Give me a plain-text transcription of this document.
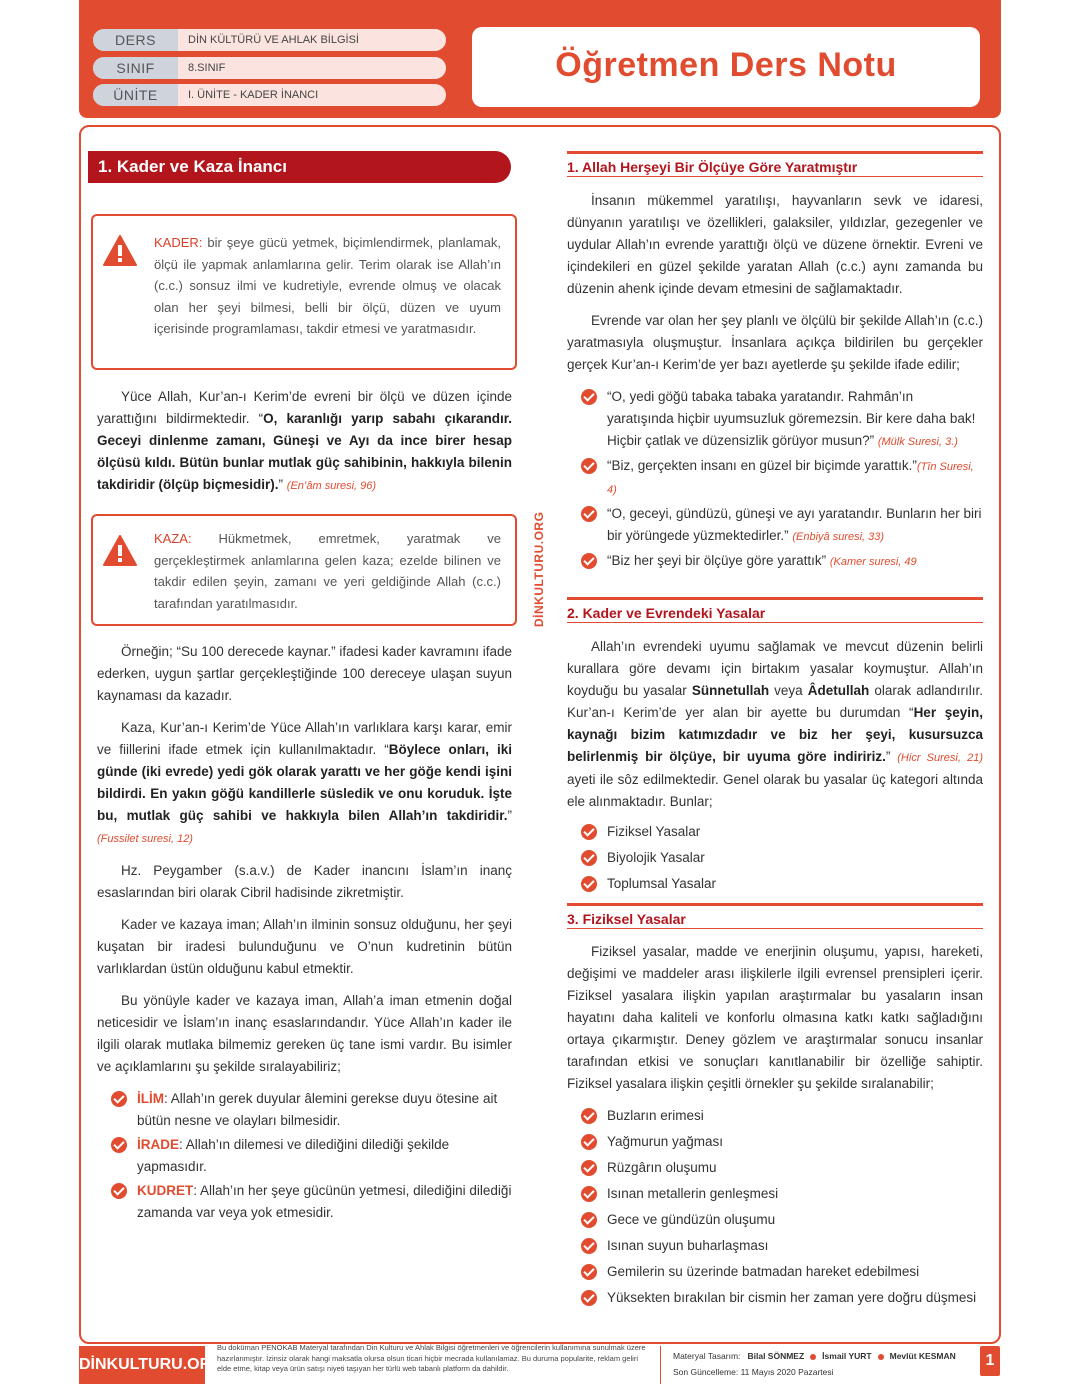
DERS	DİN KÜLTÜRÜ VE AHLAK BİLGİSİ
SINIF	8.SINIF
ÜNİTE	I. ÜNİTE - KADER İNANCI
Öğretmen Ders Notu
1. Kader ve Kaza İnancı
KADER: bir şeye gücü yetmek, biçimlendirmek, planlamak, ölçü ile yapmak anlamlarına gelir. Terim olarak ise Allah’ın (c.c.) sonsuz ilmi ve kudretiyle, evrende olmuş ve olacak olan her şeyi bilmesi, belli bir ölçü, düzen ve uyum içerisinde programlaması, takdir etmesi ve yaratmasıdır.

Yüce Allah, Kur’an-ı Kerim’de evreni bir ölçü ve düzen içinde yarattığını bildirmektedir. “O, karanlığı yarıp sabahı çıkarandır. Geceyi dinlenme zamanı, Güneşi ve Ayı da ince birer hesap ölçüsü kıldı. Bütün bunlar mutlak güç sahibinin, hakkıyla bilenin takdiridir (ölçüp biçmesidir).” (En’âm suresi, 96)

KAZA: Hükmetmek, emretmek, yaratmak ve gerçekleştirmek anlamlarına gelen kaza; ezelde bilinen ve takdir edilen şeyin, zamanı ve yeri geldiğinde Allah (c.c.) tarafından yaratılmasıdır.

Örneğin; “Su 100 derecede kaynar.” ifadesi kader kavramını ifade ederken, uygun şartlar gerçekleştiğinde 100 dereceye ulaşan suyun kaynaması da kazadır.

Kaza, Kur’an-ı Kerim’de Yüce Allah’ın varlıklara karşı karar, emir ve fiillerini ifade etmek için kullanılmaktadır. “Böylece onları, iki günde (iki evrede) yedi gök olarak yarattı ve her göğe kendi işini bildirdi. En yakın göğü kandillerle süsledik ve onu koruduk. İşte bu, mutlak güç sahibi ve hakkıyla bilen Allah’ın takdiridir.” (Fussilet suresi, 12)

Hz. Peygamber (s.a.v.) de Kader inancını İslam’ın inanç esaslarından biri olarak Cibril hadisinde zikretmiştir.

Kader ve kazaya iman; Allah’ın ilminin sonsuz olduğunu, her şeyi kuşatan bir iradesi bulunduğunu ve O’nun kudretinin bütün varlıklardan üstün olduğunu kabul etmektir.

Bu yönüyle kader ve kazaya iman, Allah’a iman etmenin doğal neticesidir ve İslam’ın inanç esaslarındandır. Yüce Allah’ın kader ile ilgili olarak mutlaka bilmemiz gereken üç tane ismi vardır. Bu isimler ve açıklamlarını şu şekilde sıralayabiliriz;

İLİM: Allah’ın gerek duyular âlemini gerekse duyu ötesine ait bütün nesne ve olayları bilmesidir.
İRADE: Allah’ın dilemesi ve dilediğini dilediği şekilde yapmasıdır.
KUDRET: Allah’ın her şeye gücünün yetmesi, dilediğini dilediği zamanda var veya yok etmesidir.
DİNKULTURU.ORG
1. Allah Herşeyi Bir Ölçüye Göre Yaratmıştır

İnsanın mükemmel yaratılışı, hayvanların sevk ve idaresi, dünyanın yaratılışı ve özellikleri, galaksiler, yıldızlar, gezegenler ve uydular Allah’ın evrende yarattığı ölçü ve düzene örnektir. Evreni ve içindekileri en güzel şekilde yaratan Allah (c.c.) aynı zamanda bu düzenin ahenk içinde devam etmesini de sağlamaktadır.

Evrende var olan her şey planlı ve ölçülü bir şekilde Allah’ın (c.c.) yaratmasıyla oluşmuştur. İnsanlara açıkça bildirilen bu gerçekler gerçek Kur’an-ı Kerim’de yer bazı ayetlerde şu şekilde ifade edilir;

“O, yedi göğü tabaka tabaka yaratandır. Rahmân’ın yaratışında hiçbir uyumsuzluk göremezsin. Bir kere daha bak! Hiçbir çatlak ve düzensizlik görüyor musun?” (Mülk Suresi, 3.)
“Biz, gerçekten insanı en güzel bir biçimde yarattık.”(Tîn Suresi, 4)
“O, geceyi, gündüzü, güneşi ve ayı yaratandır. Bunların her biri bir yörüngede yüzmektedirler.” (Enbiyâ suresi, 33)
“Biz her şeyi bir ölçüye göre yarattık” (Kamer suresi, 49
2. Kader ve Evrendeki Yasalar

Allah’ın evrendeki uyumu sağlamak ve mevcut düzenin belirli kurallara göre devamı için birtakım yasalar koymuştur. Allah’ın koyduğu bu yasalar Sünnetullah veya Âdetullah olarak adlandırılır. Kur’an-ı Kerim’de yer alan bir ayette bu durumdan “Her şeyin, kaynağı bizim katımızdadır ve biz her şeyi, kusursuzca belirlenmiş bir ölçüye, bir uyuma göre indiririz.” (Hicr Suresi, 21) ayeti ile sôz edilmektedir. Genel olarak bu yasalar üç kategori altında ele alınmaktadır. Bunlar;

Fiziksel Yasalar
Biyolojik Yasalar
Toplumsal Yasalar
3. Fiziksel Yasalar

Fiziksel yasalar, madde ve enerjinin oluşumu, yapısı, hareketi, değişimi ve maddeler arası ilişkilerle ilgili evrensel prensipleri içerir. Fiziksel yasalara ilişkin yapılan araştırmalar bu yasaların insan hayatını daha kaliteli ve konforlu olmasına katkı katkı sağladığını ortaya çıkarmıştır. Deney gözlem ve araştırmalar sonucu insanlar tarafından etkisi ve sonuçları kanıtlanabilir bir özelliğe sahiptir. Fiziksel yasalara ilişkin çeşitli örnekler şu şekilde sıralanabilir;

Buzların erimesi
Yağmurun yağması
Rüzgârın oluşumu
Isınan metallerin genleşmesi
Gece ve gündüzün oluşumu
Isınan suyun buharlaşması
Gemilerin su üzerinde batmadan hareket edebilmesi
Yüksekten bırakılan bir cismin her zaman yere doğru düşmesi
DİNKULTURU.ORG
Bu doküman PENOKAB Materyal tarafından Din Kulturu ve Ahlak Bilgisi öğretmenleri ve öğrencilerin kullanımına sunulmak üzere hazırlanmıştır. İzinsiz olarak hangi maksatla olursa olsun ticari hiçbir mecrada kullanılamaz. Bu duruma popularite, reklam geliri elde etme, kitap veya ürün satışı niyeti taşıyan her türlü web tabanlı platform da dahildir.
Materyal Tasarım: Bilal SÖNMEZ İsmail YURT Mevlüt KESMAN
Son Güncelleme: 11 Mayıs 2020 Pazartesi
1
